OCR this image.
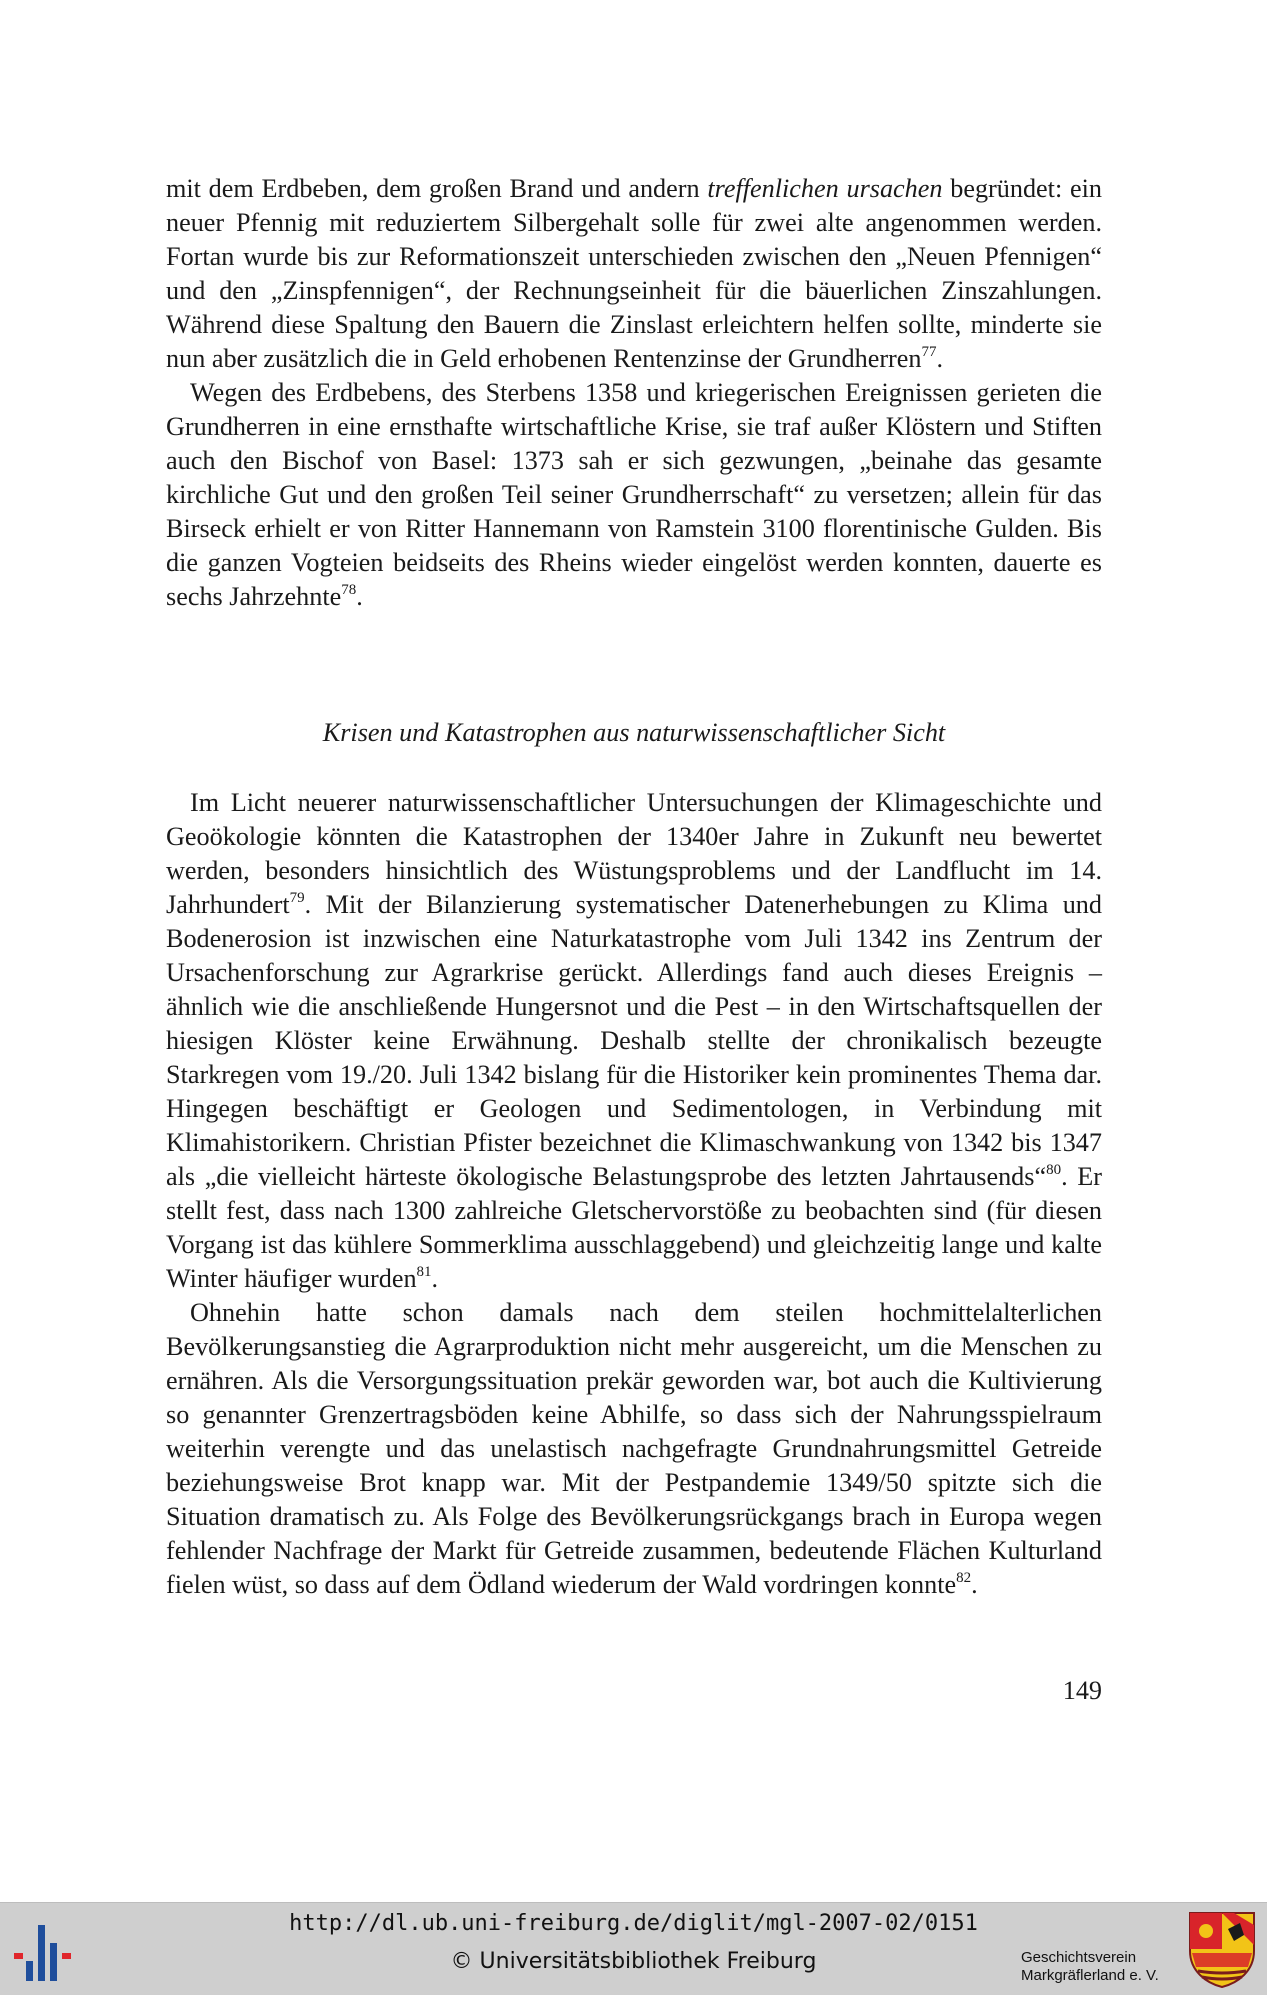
mit dem Erdbeben, dem großen Brand und andern treffenlichen ursachen begründet: ein neuer Pfennig mit reduziertem Silbergehalt solle für zwei alte angenommen werden. Fortan wurde bis zur Reformationszeit unterschieden zwischen den „Neuen Pfennigen“ und den „Zinspfennigen“, der Rechnungseinheit für die bäuerlichen Zinszahlungen. Während diese Spaltung den Bauern die Zinslast erleichtern helfen sollte, minderte sie nun aber zusätzlich die in Geld erhobenen Rentenzinse der Grundherren$^{77}$.

Wegen des Erdbebens, des Sterbens 1358 und kriegerischen Ereignissen gerieten die Grundherren in eine ernsthafte wirtschaftliche Krise, sie traf außer Klöstern und Stiften auch den Bischof von Basel: 1373 sah er sich gezwungen, „beinahe das gesamte kirchliche Gut und den großen Teil seiner Grundherrschaft“ zu versetzen; allein für das Birseck erhielt er von Ritter Hannemann von Ramstein 3100 florentinische Gulden. Bis die ganzen Vogteien beidseits des Rheins wieder eingelöst werden konnten, dauerte es sechs Jahrzehnte$^{78}$.

Krisen und Katastrophen aus naturwissenschaftlicher Sicht

Im Licht neuerer naturwissenschaftlicher Untersuchungen der Klimageschichte und Geoökologie könnten die Katastrophen der 1340er Jahre in Zukunft neu bewertet werden, besonders hinsichtlich des Wüstungsproblems und der Landflucht im 14. Jahrhundert$^{79}$. Mit der Bilanzierung systematischer Datenerhebungen zu Klima und Bodenerosion ist inzwischen eine Naturkatastrophe vom Juli 1342 ins Zentrum der Ursachenforschung zur Agrarkrise gerückt. Allerdings fand auch dieses Ereignis – ähnlich wie die anschließende Hungersnot und die Pest – in den Wirtschaftsquellen der hiesigen Klöster keine Erwähnung. Deshalb stellte der chronikalisch bezeugte Starkregen vom 19./20. Juli 1342 bislang für die Historiker kein prominentes Thema dar. Hingegen beschäftigt er Geologen und Sedimentologen, in Verbindung mit Klimahistorikern. Christian Pfister bezeichnet die Klimaschwankung von 1342 bis 1347 als „die vielleicht härteste ökologische Belastungsprobe des letzten Jahrtausends“$^{80}$. Er stellt fest, dass nach 1300 zahlreiche Gletschervorstöße zu beobachten sind (für diesen Vorgang ist das kühlere Sommerklima ausschlaggebend) und gleichzeitig lange und kalte Winter häufiger wurden$^{81}$.

Ohnehin hatte schon damals nach dem steilen hochmittelalterlichen Bevölkerungsanstieg die Agrarproduktion nicht mehr ausgereicht, um die Menschen zu ernähren. Als die Versorgungssituation prekär geworden war, bot auch die Kultivierung so genannter Grenzertragsböden keine Abhilfe, so dass sich der Nahrungsspielraum weiterhin verengte und das unelastisch nachgefragte Grundnahrungsmittel Getreide beziehungsweise Brot knapp war. Mit der Pestpandemie 1349/50 spitzte sich die Situation dramatisch zu. Als Folge des Bevölkerungsrückgangs brach in Europa wegen fehlender Nachfrage der Markt für Getreide zusammen, bedeutende Flächen Kulturland fielen wüst, so dass auf dem Ödland wiederum der Wald vordringen konnte$^{82}$.

149
http://dl.ub.uni-freiburg.de/diglit/mgl-2007-02/0151
© Universitätsbibliothek Freiburg	Geschichtsverein
Markgräflerland e. V.
